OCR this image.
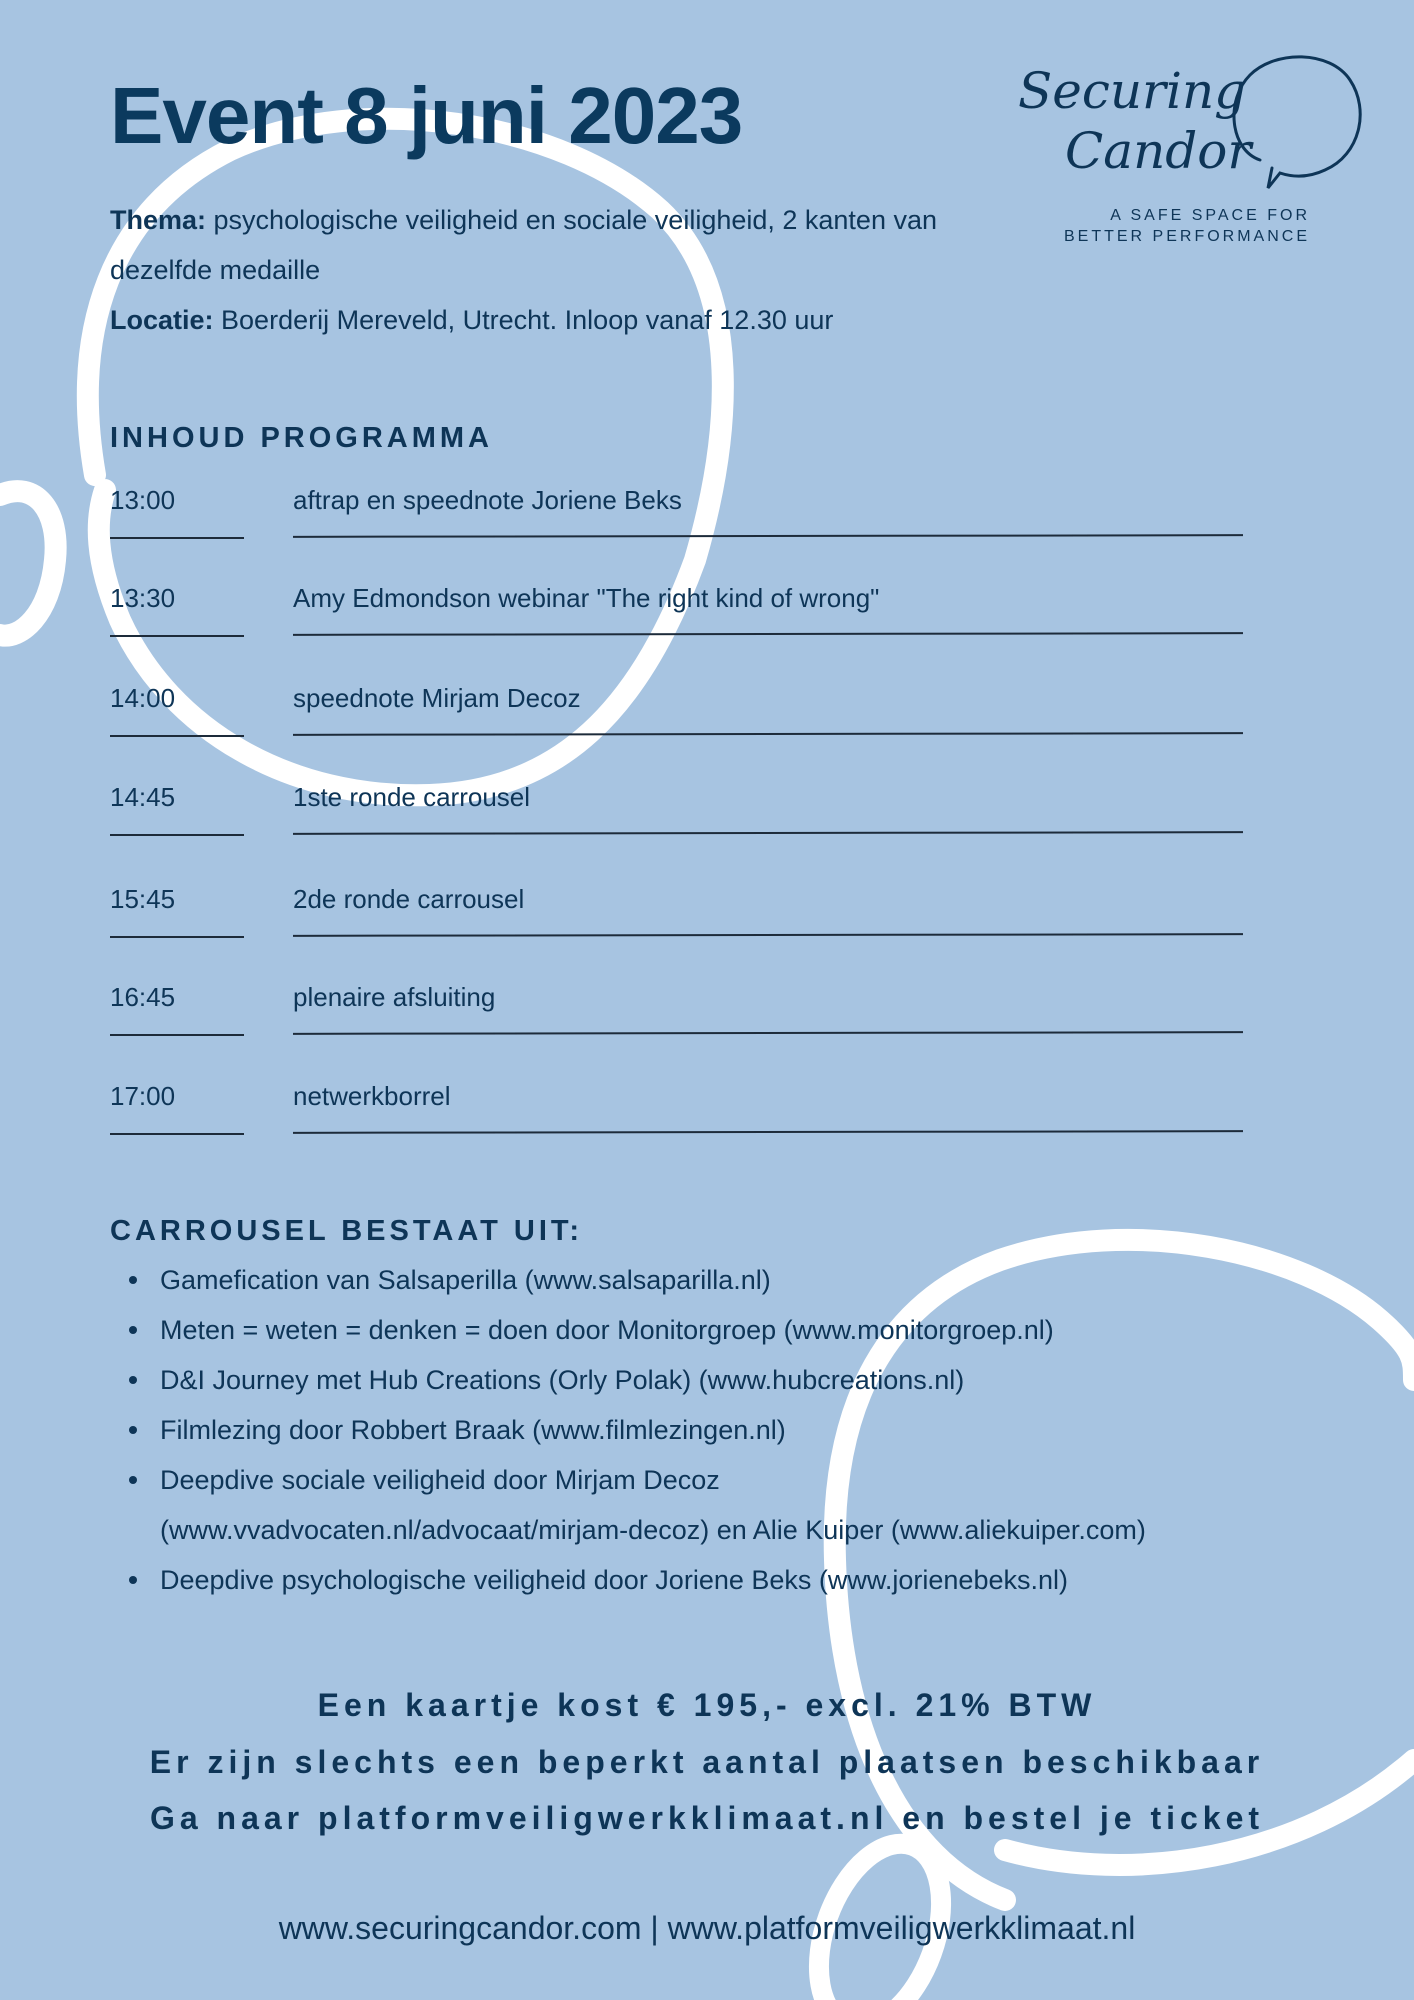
Event 8 juni 2023
Thema: psychologische veiligheid en sociale veiligheid, 2 kanten van dezelfde medaille
Locatie: Boerderij Mereveld, Utrecht. Inloop vanaf 12.30 uur
Securing
Candor
A SAFE SPACE FOR
BETTER PERFORMANCE
INHOUD PROGRAMMA
13:00	aftrap en speednote Joriene Beks
13:30	Amy Edmondson webinar "The right kind of wrong"
14:00	speednote Mirjam Decoz
14:45	1ste ronde carrousel
15:45	2de ronde carrousel
16:45	plenaire afsluiting
17:00	netwerkborrel
CARROUSEL BESTAAT UIT:
Gamefication van Salsaperilla (www.salsaparilla.nl)
Meten = weten = denken = doen door Monitorgroep (www.monitorgroep.nl)
D&I Journey met Hub Creations (Orly Polak) (www.hubcreations.nl)
Filmlezing door Robbert Braak (www.filmlezingen.nl)
Deepdive sociale veiligheid door Mirjam Decoz (www.vvadvocaten.nl/advocaat/mirjam-decoz) en Alie Kuiper (www.aliekuiper.com)
Deepdive psychologische veiligheid door Joriene Beks (www.jorienebeks.nl)
Een kaartje kost € 195,- excl. 21% BTW
Er zijn slechts een beperkt aantal plaatsen beschikbaar
Ga naar platformveiligwerkklimaat.nl en bestel je ticket
www.securingcandor.com | www.platformveiligwerkklimaat.nl
